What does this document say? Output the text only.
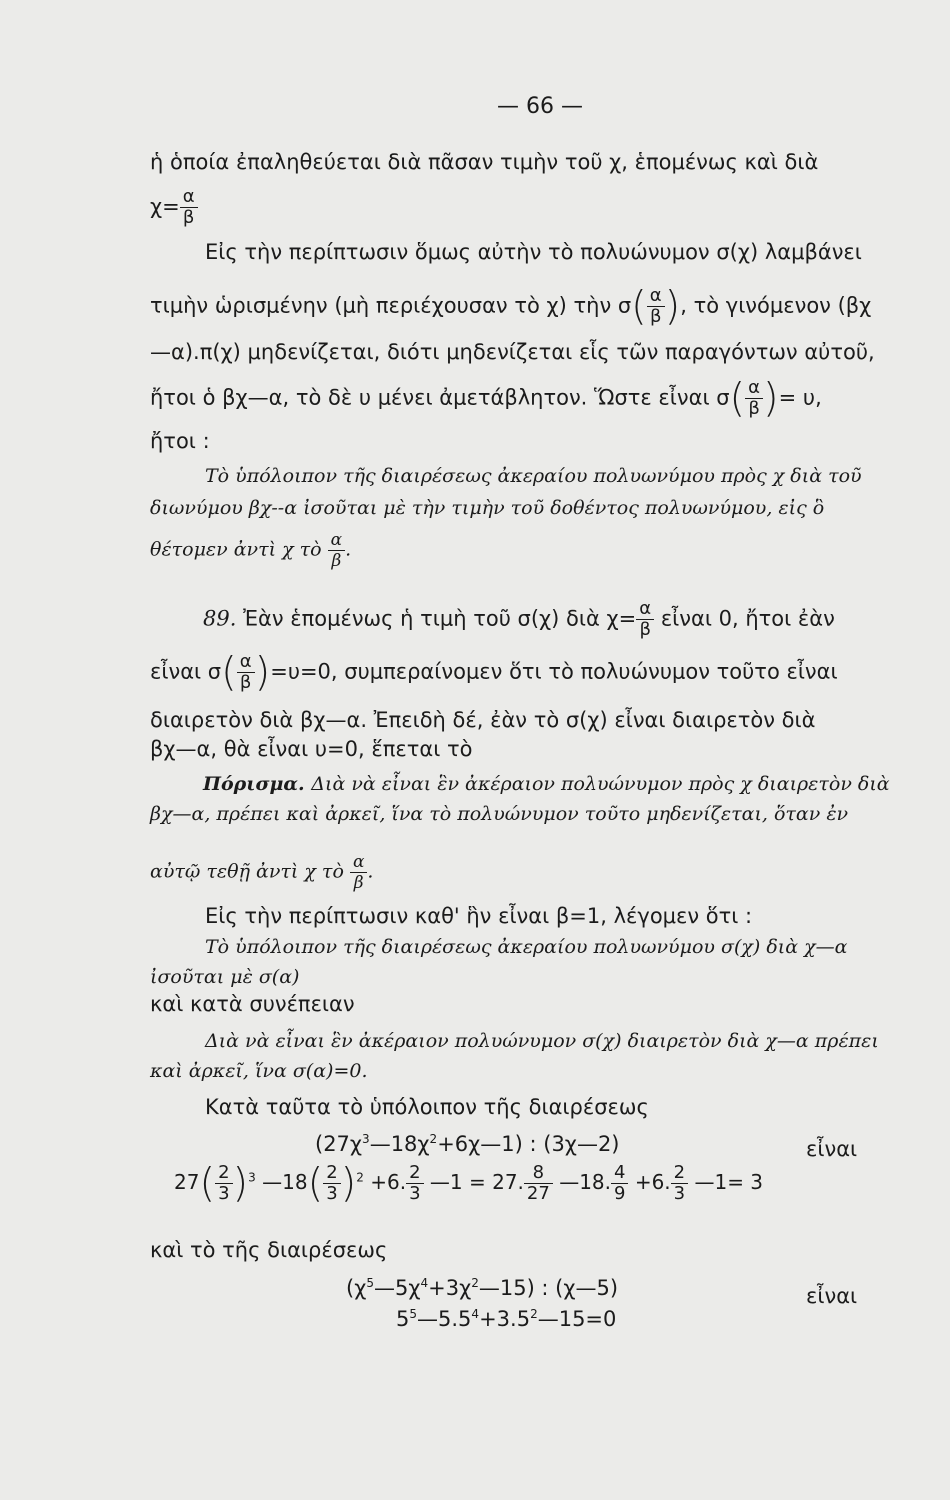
— 66 —
ἡ ὁποία ἐπαληθεύεται διὰ πᾶσαν τιμὴν τοῦ χ, ἑπομένως καὶ διὰ
$\chi= \frac{\alpha}{\beta}$
Εἰς τὴν περίπτωσιν ὅμως αὐτὴν τὸ πολυώνυμον σ(χ) λαμβάνει
τιμὴν ὡρισμένην (μὴ περιέχουσαν τὸ χ) τὴν $\sigma( \frac{\alpha}{\beta}$ ), τὸ γινόμενον (βχ
—α).π(χ) μηδενίζεται, διότι μηδενίζεται εἷς τῶν παραγόντων αὐτοῦ,
ἤτοι ὁ βχ—α, τὸ δὲ υ μένει ἀμετάβλητον. Ὥστε εἶναι $\sigma( \frac{\alpha}{\beta}$ )= υ,
ἤτοι :
Τὸ ὑπόλοιπον τῆς διαιρέσεως ἀκεραίου πολυωνύμου πρὸς χ διὰ τοῦ
διωνύμου βχ--α ἰσοῦται μὲ τὴν τιμὴν τοῦ δοθέντος πολυωνύμου, εἰς ὃ
θέτομεν ἀντὶ χ τὸ $\frac{\alpha}{\beta}$ .
89. Ἐὰν ἑπομένως ἡ τιμὴ τοῦ σ(χ) διὰ $\chi= \frac{\alpha}{\beta}$ εἶναι 0, ἤτοι ἐὰν
εἶναι $\sigma( \frac{\alpha}{\beta} )=\upsilon=0$, συμπεραίνομεν ὅτι τὸ πολυώνυμον τοῦτο εἶναι
διαιρετὸν διὰ βχ—α. Ἐπειδὴ δέ, ἐὰν τὸ σ(χ) εἶναι διαιρετὸν διὰ
βχ—α, θὰ εἶναι υ=0, ἕπεται τὸ
Πόρισμα. Διὰ νὰ εἶναι ἓν ἀκέραιον πολυώνυμον πρὸς χ διαιρετὸν διὰ
βχ—α, πρέπει καὶ ἀρκεῖ, ἵνα τὸ πολυώνυμον τοῦτο μηδενίζεται, ὅταν ἐν
αὐτῷ τεθῇ ἀντὶ χ τὸ $\frac{\alpha}{\beta}$ .
Εἰς τὴν περίπτωσιν καθ' ἣν εἶναι β=1, λέγομεν ὅτι :
Τὸ ὑπόλοιπον τῆς διαιρέσεως ἀκεραίου πολυωνύμου σ(χ) διὰ χ—α
ἰσοῦται μὲ σ(α)
καὶ κατὰ συνέπειαν
Διὰ νὰ εἶναι ἓν ἀκέραιον πολυώνυμον σ(χ) διαιρετὸν διὰ χ—α πρέπει
καὶ ἀρκεῖ, ἵνα σ(α)=0.
Κατὰ ταῦτα τὸ ὑπόλοιπον τῆς διαιρέσεως
$(27\chi^3—18\chi^2+6\chi—1)$ : (3χ—2)	εἶναι
$27( \frac{2}{3} )^3$ —18( $\frac{2}{3} )^2 +6$. $\frac{2}{3}$ —1 = 27. $\frac{8}{27}$ —18. $\frac{4}{9} +6$. $\frac{2}{3}$ —1= 3
καὶ τὸ τῆς διαιρέσεως
$(\chi^5—5\chi^4+3\chi^2—15)$ : (χ—5)	εἶναι
$5^5—5.5^4+3.5^2—15=0$
